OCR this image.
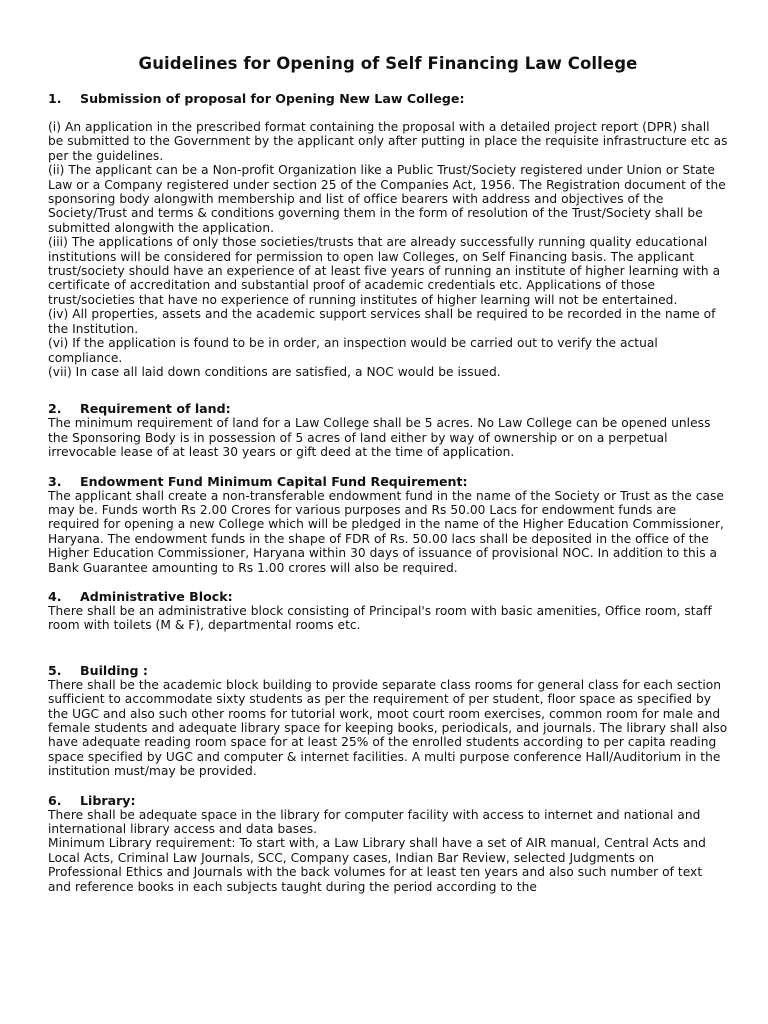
Guidelines for Opening of Self Financing Law College

1. Submission of proposal for Opening New Law College:

(i) An application in the prescribed format containing the proposal with a detailed project report (DPR) shall be submitted to the Government by the applicant only after putting in place the requisite infrastructure etc as per the guidelines.

(ii) The applicant can be a Non-profit Organization like a Public Trust/Society registered under Union or State Law or a Company registered under section 25 of the Companies Act, 1956. The Registration document of the sponsoring body alongwith membership and list of office bearers with address and objectives of the Society/Trust and terms & conditions governing them in the form of resolution of the Trust/Society shall be submitted alongwith the application.

(iii) The applications of only those societies/trusts that are already successfully running quality educational institutions will be considered for permission to open law Colleges, on Self Financing basis. The applicant trust/society should have an experience of at least five years of running an institute of higher learning with a certificate of accreditation and substantial proof of academic credentials etc. Applications of those trust/societies that have no experience of running institutes of higher learning will not be entertained.

(iv) All properties, assets and the academic support services shall be required to be recorded in the name of the Institution.

(vi) If the application is found to be in order, an inspection would be carried out to verify the actual compliance.

(vii) In case all laid down conditions are satisfied, a NOC would be issued.

2. Requirement of land:

The minimum requirement of land for a Law College shall be 5 acres. No Law College can be opened unless the Sponsoring Body is in possession of 5 acres of land either by way of ownership or on a perpetual irrevocable lease of at least 30 years or gift deed at the time of application.

3. Endowment Fund Minimum Capital Fund Requirement:

The applicant shall create a non-transferable endowment fund in the name of the Society or Trust as the case may be. Funds worth Rs 2.00 Crores for various purposes and Rs 50.00 Lacs for endowment funds are required for opening a new College which will be pledged in the name of the Higher Education Commissioner, Haryana. The endowment funds in the shape of FDR of Rs. 50.00 lacs shall be deposited in the office of the Higher Education Commissioner, Haryana within 30 days of issuance of provisional NOC. In addition to this a Bank Guarantee amounting to Rs 1.00 crores will also be required.

4. Administrative Block:

There shall be an administrative block consisting of Principal's room with basic amenities, Office room, staff room with toilets (M & F), departmental rooms etc.

5. Building :

There shall be the academic block building to provide separate class rooms for general class for each section sufficient to accommodate sixty students as per the requirement of per student, floor space as specified by the UGC and also such other rooms for tutorial work, moot court room exercises, common room for male and female students and adequate library space for keeping books, periodicals, and journals. The library shall also have adequate reading room space for at least 25% of the enrolled students according to per capita reading space specified by UGC and computer & internet facilities. A multi purpose conference Hall/Auditorium in the institution must/may be provided.

6. Library:

There shall be adequate space in the library for computer facility with access to internet and national and international library access and data bases.

Minimum Library requirement: To start with, a Law Library shall have a set of AIR manual, Central Acts and Local Acts, Criminal Law Journals, SCC, Company cases, Indian Bar Review, selected Judgments on Professional Ethics and Journals with the back volumes for at least ten years and also such number of text and reference books in each subjects taught during the period according to the
